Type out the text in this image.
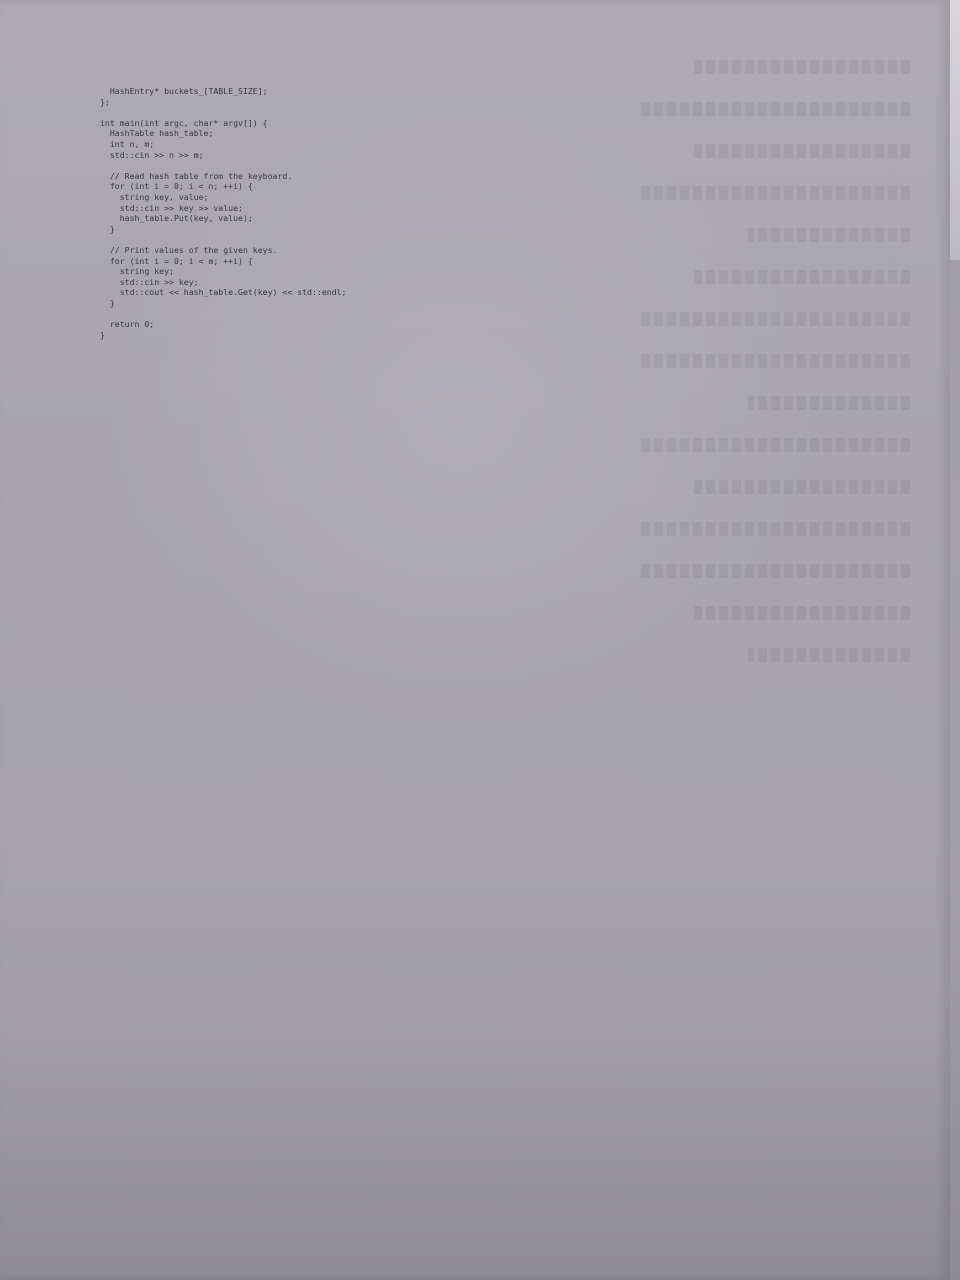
HashEntry* buckets_[TABLE_SIZE];
};
int main(int argc, char* argv[]) {
HashTable hash_table;
int n, m;
std::cin >> n >> m;
// Read hash table from the keyboard.
for (int i = 0; i < n; ++i) {
string key, value;
std::cin >> key >> value;
hash_table.Put(key, value);
}
// Print values of the given keys.
for (int i = 0; i < m; ++i) {
string key;
std::cin >> key;
std::cout << hash_table.Get(key) << std::endl;
}
return 0;
}
